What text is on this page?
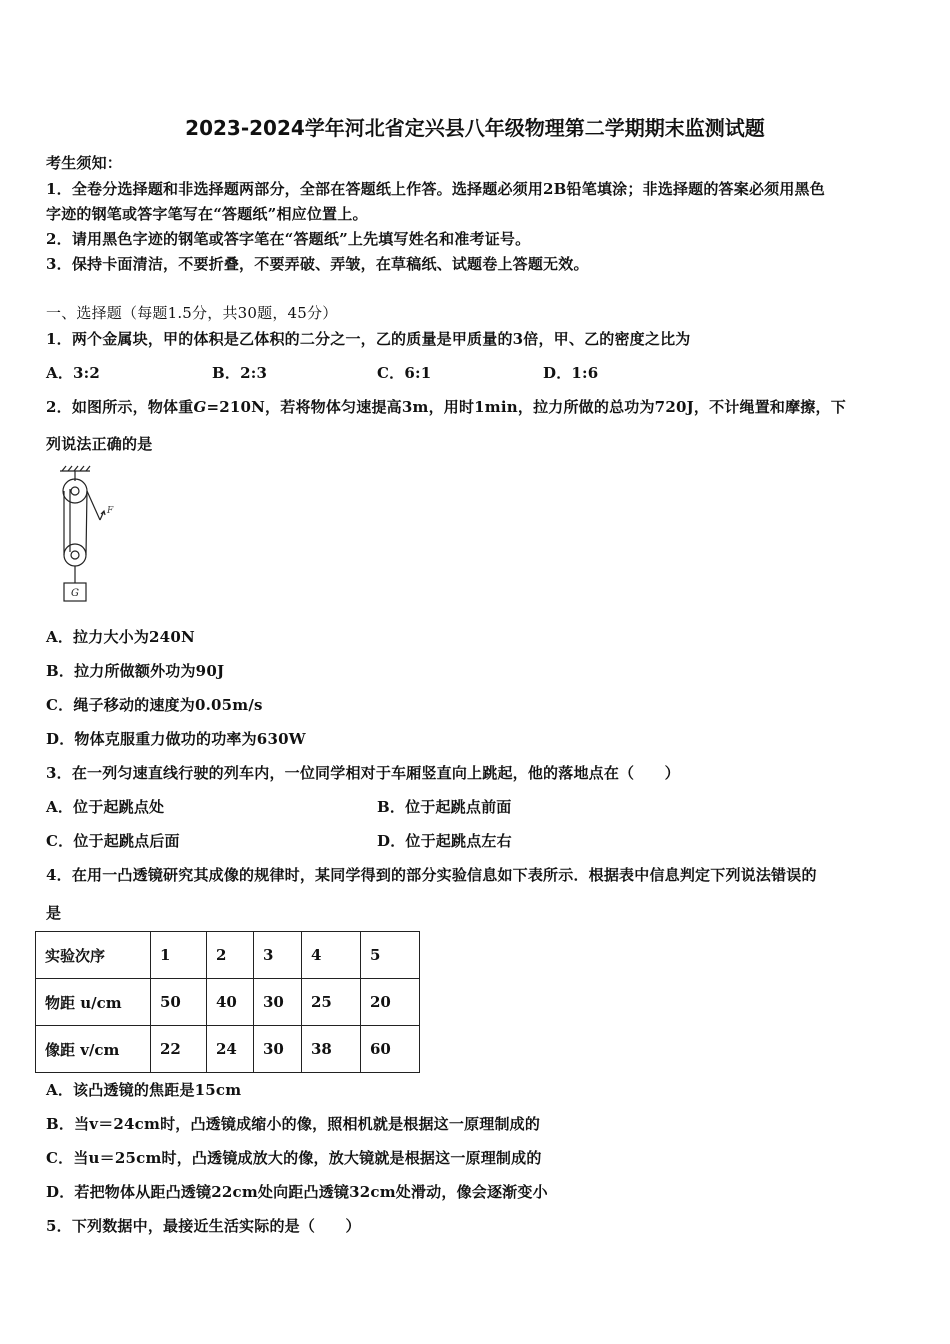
2023-2024学年河北省定兴县八年级物理第二学期期末监测试题
考生须知：
1．全卷分选择题和非选择题两部分，全部在答题纸上作答。选择题必须用2B铅笔填涂；非选择题的答案必须用黑色
字迹的钢笔或答字笔写在“答题纸”相应位置上。
2．请用黑色字迹的钢笔或答字笔在“答题纸”上先填写姓名和准考证号。
3．保持卡面清洁，不要折叠，不要弄破、弄皱，在草稿纸、试题卷上答题无效。
一、选择题（每题1.5分，共30题，45分）
1．两个金属块，甲的体积是乙体积的二分之一，乙的质量是甲质量的3倍，甲、乙的密度之比为
A．3:2	B．2:3	C．6:1	D．1:6
2．如图所示，物体重G=210N，若将物体匀速提高3m，用时1min，拉力所做的总功为720J，不计绳置和摩擦，下
列说法正确的是
G
F
A．拉力大小为240N
B．拉力所做额外功为90J
C．绳子移动的速度为0.05m/s
D．物体克服重力做功的功率为630W
3．在一列匀速直线行驶的列车内，一位同学相对于车厢竖直向上跳起，他的落地点在（　　）
A．位于起跳点处	B．位于起跳点前面
C．位于起跳点后面	D．位于起跳点左右
4．在用一凸透镜研究其成像的规律时，某同学得到的部分实验信息如下表所示．根据表中信息判定下列说法错误的
是
实验次序	1	2	3	4	5
物距 u/cm	50	40	30	25	20
像距 v/cm	22	24	30	38	60
A．该凸透镜的焦距是15cm
B．当v＝24cm时，凸透镜成缩小的像，照相机就是根据这一原理制成的
C．当u＝25cm时，凸透镜成放大的像，放大镜就是根据这一原理制成的
D．若把物体从距凸透镜22cm处向距凸透镜32cm处滑动，像会逐渐变小
5．下列数据中，最接近生活实际的是（　　）
